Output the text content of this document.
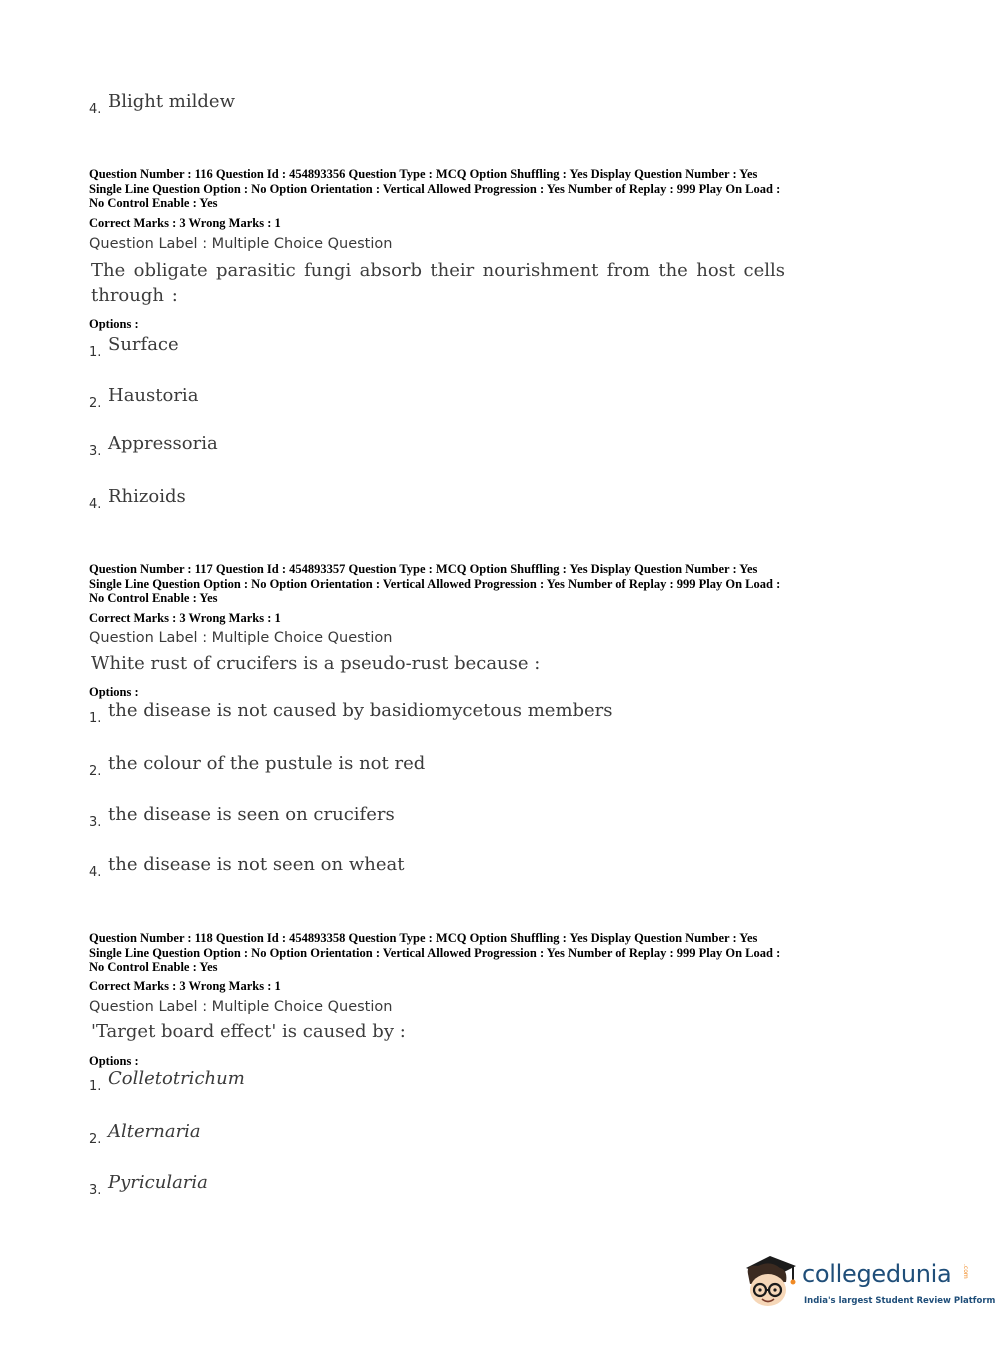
4. Blight mildew
Question Number : 116 Question Id : 454893356 Question Type : MCQ Option Shuffling : Yes Display Question Number : Yes
Single Line Question Option : No Option Orientation : Vertical Allowed Progression : Yes Number of Replay : 999 Play On Load :
No Control Enable : Yes
Correct Marks : 3 Wrong Marks : 1
Question Label : Multiple Choice Question
The obligate parasitic fungi absorb their nourishment from the host cells through :
Options :
1. Surface
2. Haustoria
3. Appressoria
4. Rhizoids
Question Number : 117 Question Id : 454893357 Question Type : MCQ Option Shuffling : Yes Display Question Number : Yes
Single Line Question Option : No Option Orientation : Vertical Allowed Progression : Yes Number of Replay : 999 Play On Load :
No Control Enable : Yes
Correct Marks : 3 Wrong Marks : 1
Question Label : Multiple Choice Question
White rust of crucifers is a pseudo-rust because :
Options :
1. the disease is not caused by basidiomycetous members
2. the colour of the pustule is not red
3. the disease is seen on crucifers
4. the disease is not seen on wheat
Question Number : 118 Question Id : 454893358 Question Type : MCQ Option Shuffling : Yes Display Question Number : Yes
Single Line Question Option : No Option Orientation : Vertical Allowed Progression : Yes Number of Replay : 999 Play On Load :
No Control Enable : Yes
Correct Marks : 3 Wrong Marks : 1
Question Label : Multiple Choice Question
'Target board effect' is caused by :
Options :
1. Colletotrichum
2. Alternaria
3. Pyricularia
collegedunia .com
India's largest Student Review Platform
